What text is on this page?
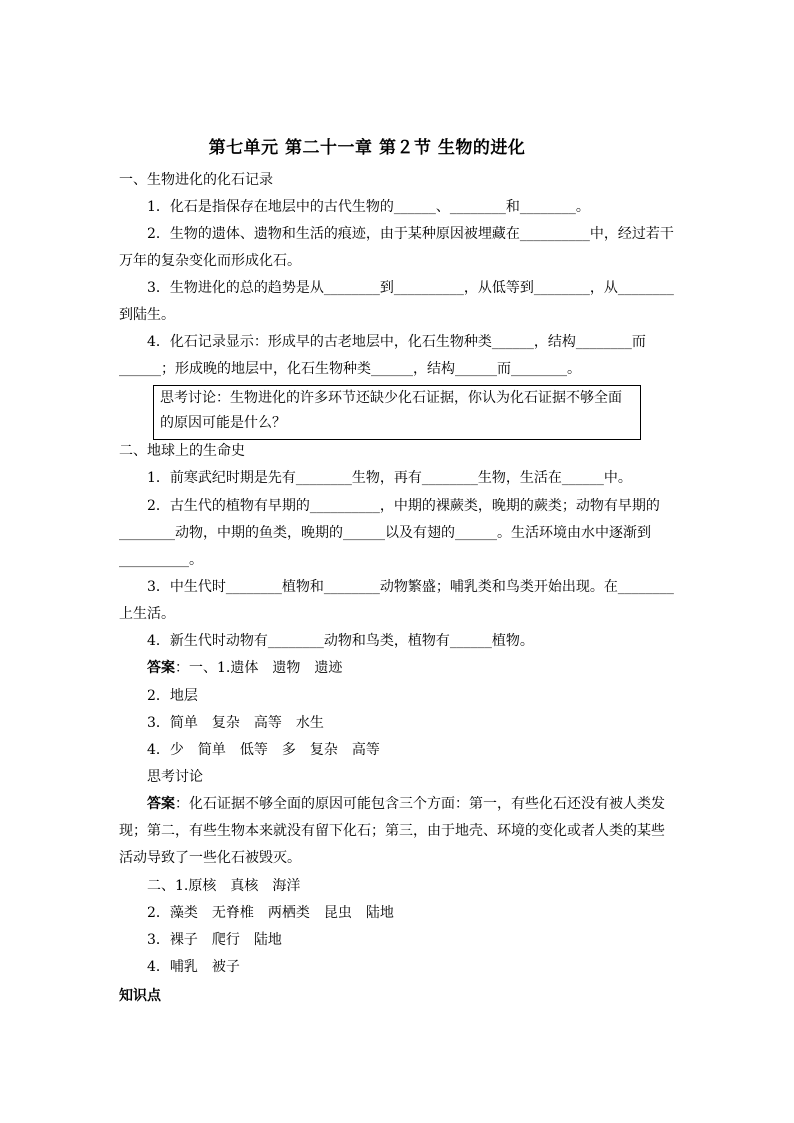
第七单元 第二十一章 第２节 生物的进化
一、生物进化的化石记录
1．化石是指保存在地层中的古代生物的______、________和________。
2．生物的遗体、遗物和生活的痕迹，由于某种原因被埋藏在__________中，经过若干
万年的复杂变化而形成化石。
3．生物进化的总的趋势是从________到__________，从低等到________，从________
到陆生。
4．化石记录显示：形成早的古老地层中，化石生物种类______，结构________而
______；形成晚的地层中，化石生物种类______，结构______而________。
思考讨论：生物进化的许多环节还缺少化石证据，你认为化石证据不够全面
的原因可能是什么？
二、地球上的生命史
1．前寒武纪时期是先有________生物，再有________生物，生活在______中。
2．古生代的植物有早期的__________，中期的裸蕨类，晚期的蕨类；动物有早期的
________动物，中期的鱼类，晚期的______以及有翅的______。生活环境由水中逐渐到
__________。
3．中生代时________植物和________动物繁盛；哺乳类和鸟类开始出现。在________
上生活。
4．新生代时动物有________动物和鸟类，植物有______植物。
答案：一、1.遗体　遗物　遗迹
2．地层
3．简单　复杂　高等　水生
4．少　简单　低等　多　复杂　高等
思考讨论
答案：化石证据不够全面的原因可能包含三个方面：第一，有些化石还没有被人类发
现；第二，有些生物本来就没有留下化石；第三，由于地壳、环境的变化或者人类的某些
活动导致了一些化石被毁灭。
二、1.原核　真核　海洋
2．藻类　无脊椎　两栖类　昆虫　陆地
3．裸子　爬行　陆地
4．哺乳　被子
知识点
